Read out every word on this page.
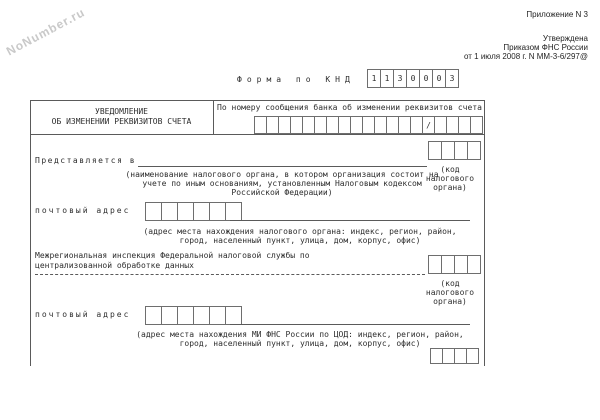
NoNumber.ru	Приложение N 3
Утверждена
Приказом ФНС России
от 1 июля 2008 г. N ММ-3-6/297@
Форма по КНД	1	1	3	0	0	0	3
УВЕДОМЛЕНИЕ
ОБ ИЗМЕНЕНИИ РЕКВИЗИТОВ СЧЕТА
По номеру сообщения банка об изменении реквизитов счета
/
Представляется в
(наименование налогового органа, в котором организация состоит на
учете по иным основаниям, установленным Налоговым кодексом
Российской Федерации)
(код
налогового
органа)
почтовый адрес
(адрес места нахождения налогового органа: индекс, регион, район,
город, населенный пункт, улица, дом, корпус, офис)
Межрегиональная инспекция Федеральной налоговой службы по
централизованной обработке данных
(код
налогового
органа)
почтовый адрес
(адрес места нахождения МИ ФНС России по ЦОД: индекс, регион, район,
город, населенный пункт, улица, дом, корпус, офис)
